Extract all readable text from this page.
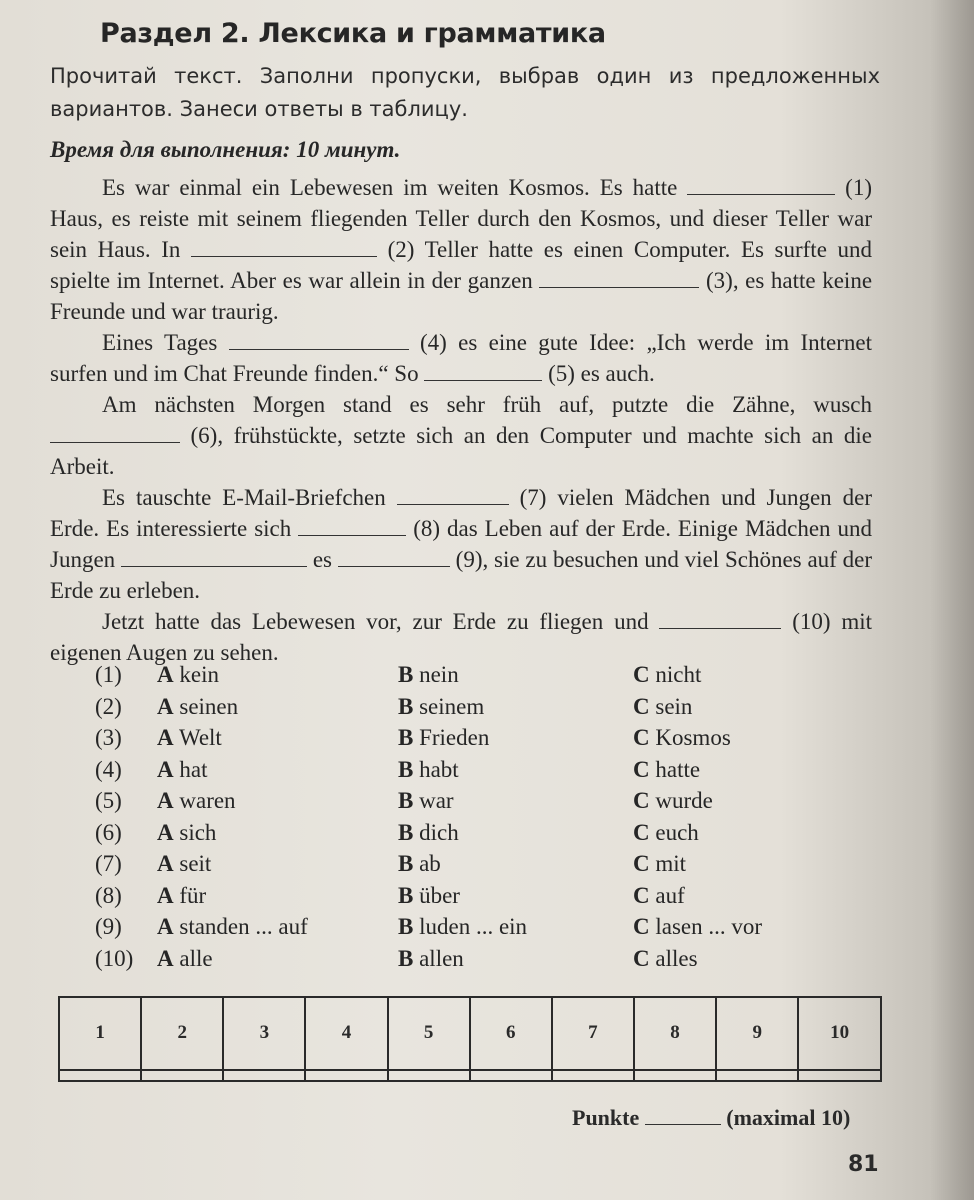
Раздел 2. Лексика и грамматика
Прочитай текст. Заполни пропуски, выбрав один из предложенных вариантов. Занеси ответы в таблицу.
Время для выполнения: 10 минут.

Es war einmal ein Lebewesen im weiten Kosmos. Es hatte	(1) Haus, es reiste mit seinem fliegenden Teller durch den Kosmos, und dieser Teller war sein Haus. In	(2) Teller hatte es einen Computer. Es surfte und spielte im Internet. Aber es war allein in der ganzen	(3), es hatte keine Freunde und war traurig.

Eines Tages	(4) es eine gute Idee: „Ich werde im Internet surfen und im Chat Freunde finden.“ So	(5) es auch.

Am nächsten Morgen stand es sehr früh auf, putzte die Zähne, wusch  (6), frühstückte, setzte sich an den Computer und machte sich an die Arbeit.

Es tauschte E-Mail-Briefchen	(7) vielen Mädchen und Jungen der Erde. Es interessierte sich	(8) das Leben auf der Erde. Einige Mädchen und Jungen	es	(9), sie zu besuchen und viel Schönes auf der Erde zu erleben.

Jetzt hatte das Lebewesen vor, zur Erde zu fliegen und	(10) mit eigenen Augen zu sehen.

(1) A kein	B nein	C nicht
(2) A seinen	B seinem	C sein
(3) A Welt	B Frieden	C Kosmos
(4) A hat	B habt	C hatte
(5) A waren	B war	C wurde
(6) A sich	B dich	C euch
(7) A seit	B ab	C mit
(8) A für	B über	C auf
(9) A standen ... auf	B luden ... ein	C lasen ... vor
(10) A alle	B allen	C alles
1	2	3	4	5	6	7	8	9	10

Punkte	(maximal 10)
81
